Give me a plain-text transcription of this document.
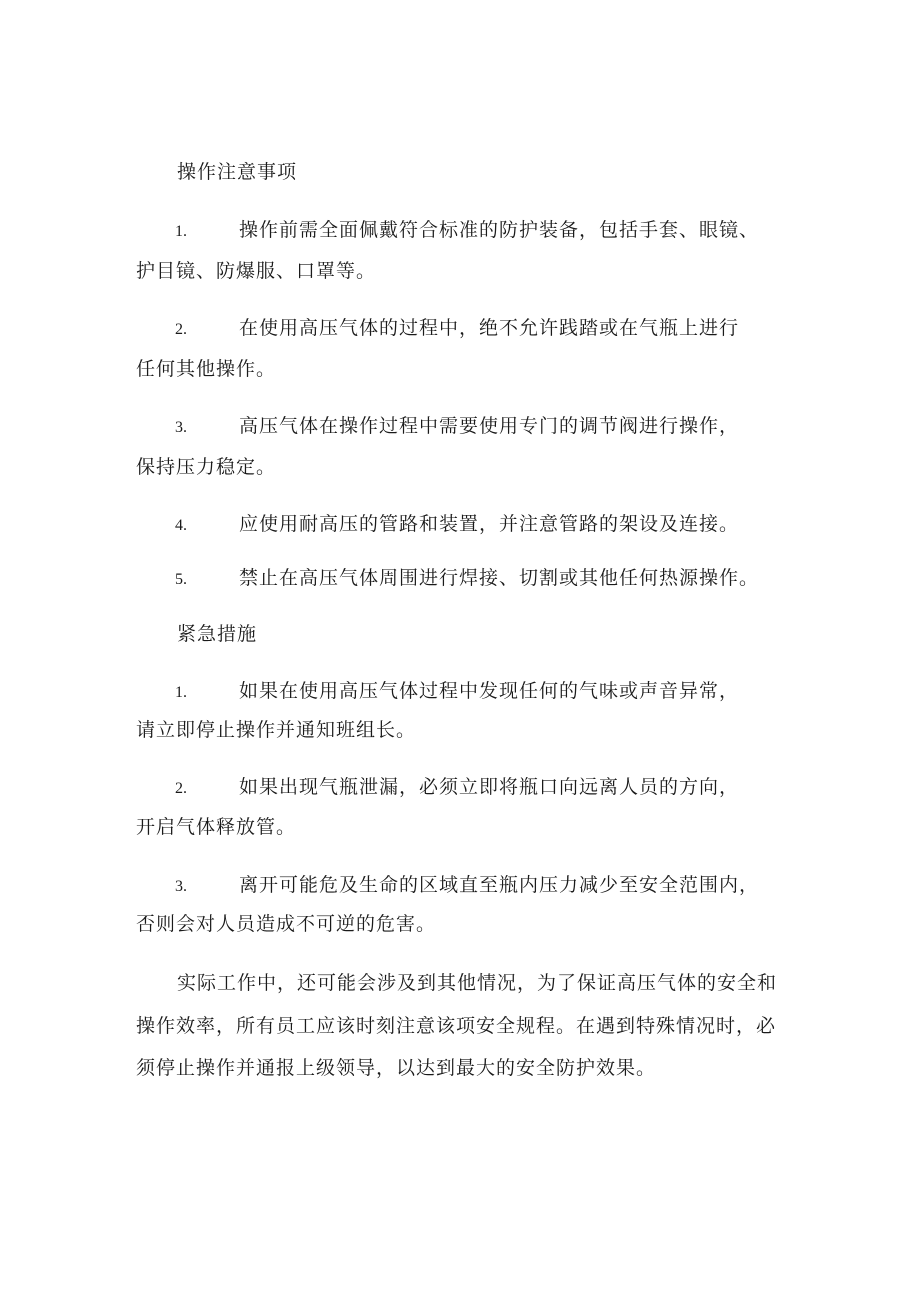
操作注意事项
1.	操作前需全面佩戴符合标准的防护装备，包括手套、眼镜、
护目镜、防爆服、口罩等。
2.	在使用高压气体的过程中，绝不允许践踏或在气瓶上进行
任何其他操作。
3.	高压气体在操作过程中需要使用专门的调节阀进行操作，
保持压力稳定。
4.	应使用耐高压的管路和装置，并注意管路的架设及连接。
5.	禁止在高压气体周围进行焊接、切割或其他任何热源操作。
紧急措施
1.	如果在使用高压气体过程中发现任何的气味或声音异常，
请立即停止操作并通知班组长。
2.	如果出现气瓶泄漏，必须立即将瓶口向远离人员的方向，
开启气体释放管。
3.	离开可能危及生命的区域直至瓶内压力减少至安全范围内，
否则会对人员造成不可逆的危害。
实际工作中，还可能会涉及到其他情况，为了保证高压气体的安全和
操作效率，所有员工应该时刻注意该项安全规程。在遇到特殊情况时，必
须停止操作并通报上级领导，以达到最大的安全防护效果。
